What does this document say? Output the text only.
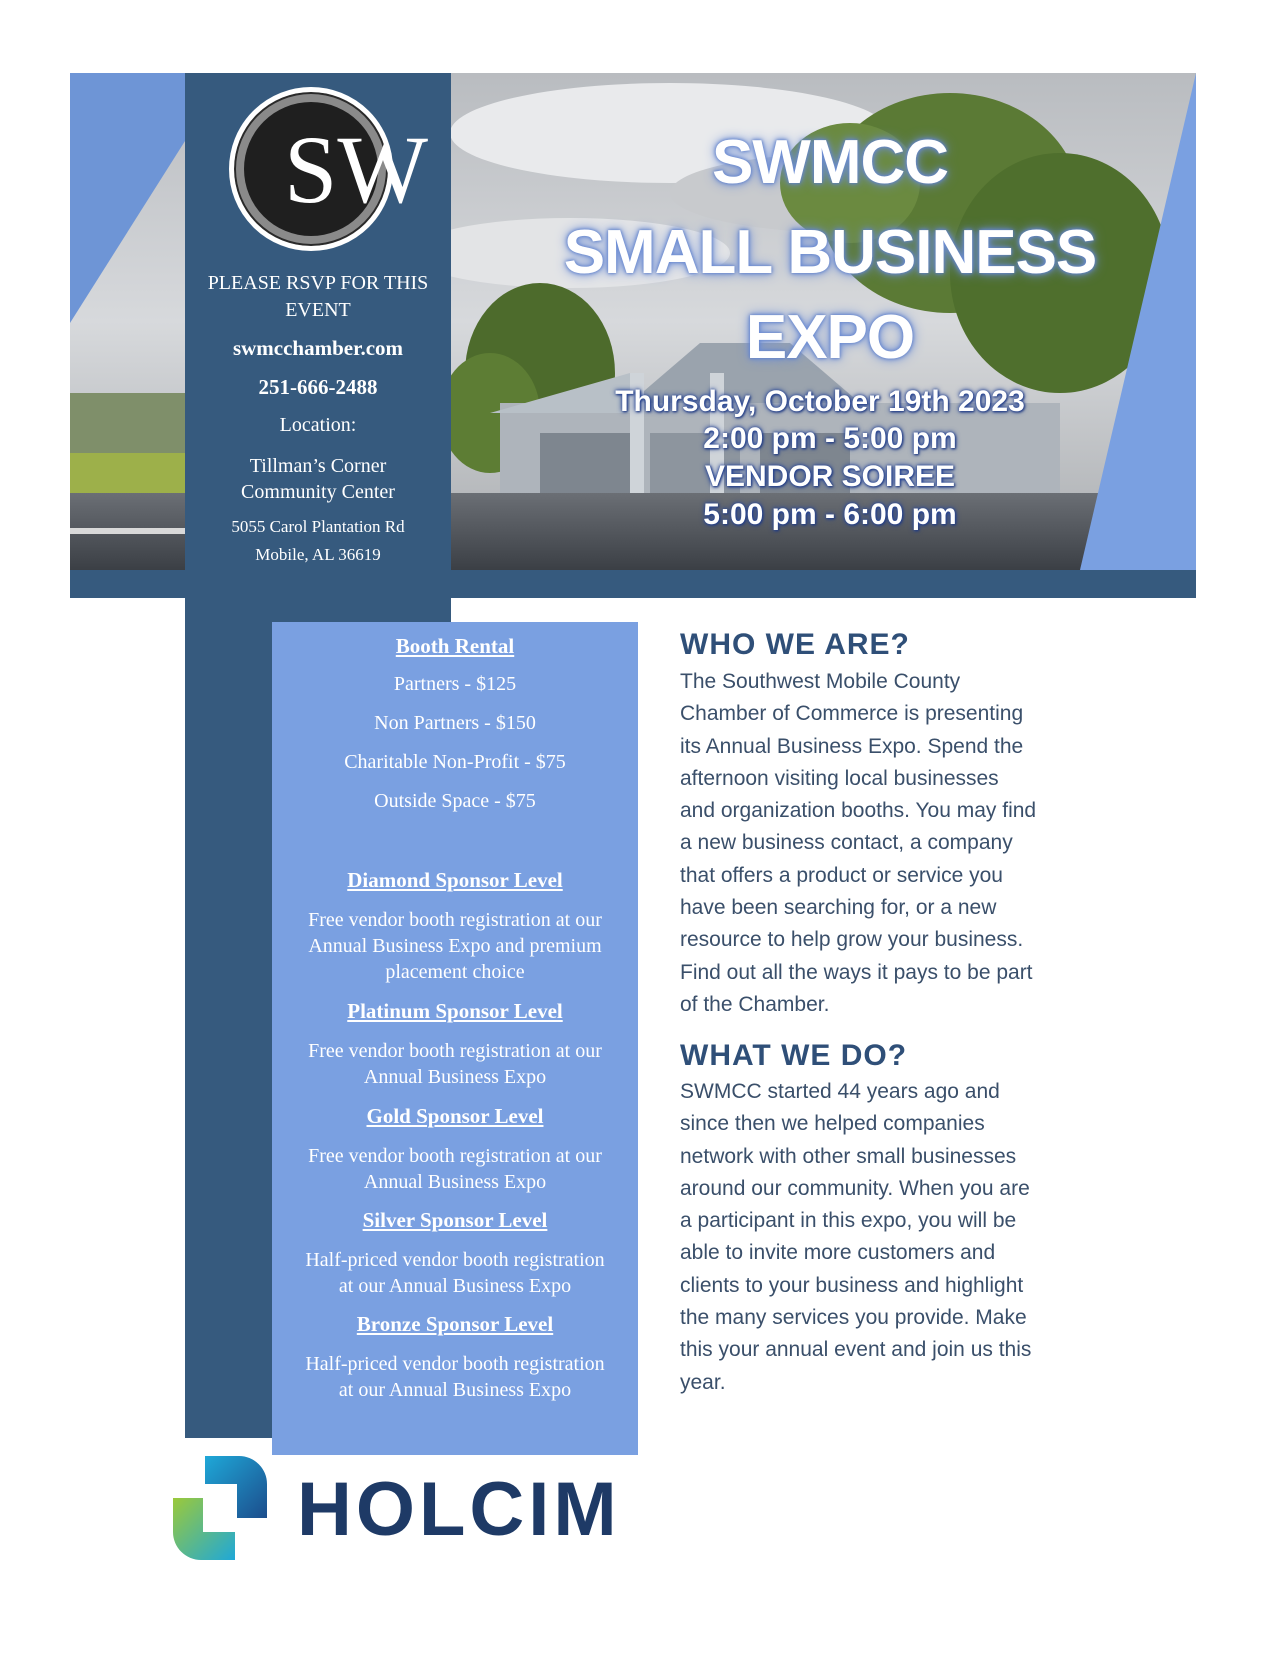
SW
PLEASE RSVP FOR THIS EVENT
swmcchamber.com
251-666-2488
Location:
Tillman’s Corner Community Center
5055 Carol Plantation Rd
Mobile, AL 36619
SWMCC
SMALL BUSINESS
EXPO
Thursday, October 19th 2023
2:00 pm - 5:00 pm
VENDOR SOIREE
5:00 pm - 6:00 pm
Booth Rental
Partners - $125
Non Partners - $150
Charitable Non-Profit - $75
Outside Space - $75
Diamond Sponsor Level
Free vendor booth registration at our
Annual Business Expo and premium
placement choice
Platinum Sponsor Level
Free vendor booth registration at our
Annual Business Expo
Gold Sponsor Level
Free vendor booth registration at our
Annual Business Expo
Silver Sponsor Level
Half-priced vendor booth registration
at our Annual Business Expo
Bronze Sponsor Level
Half-priced vendor booth registration
at our Annual Business Expo
WHO WE ARE?
The Southwest Mobile County
Chamber of Commerce is presenting
its Annual Business Expo. Spend the
afternoon visiting local businesses
and organization booths. You may find
a new business contact, a company
that offers a product or service you
have been searching for, or a new
resource to help grow your business.
Find out all the ways it pays to be part
of the Chamber.
WHAT WE DO?
SWMCC started 44 years ago and
since then we helped companies
network with other small businesses
around our community. When you are
a participant in this expo, you will be
able to invite more customers and
clients to your business and highlight
the many services you provide. Make
this your annual event and join us this
year.
HOLCIM
